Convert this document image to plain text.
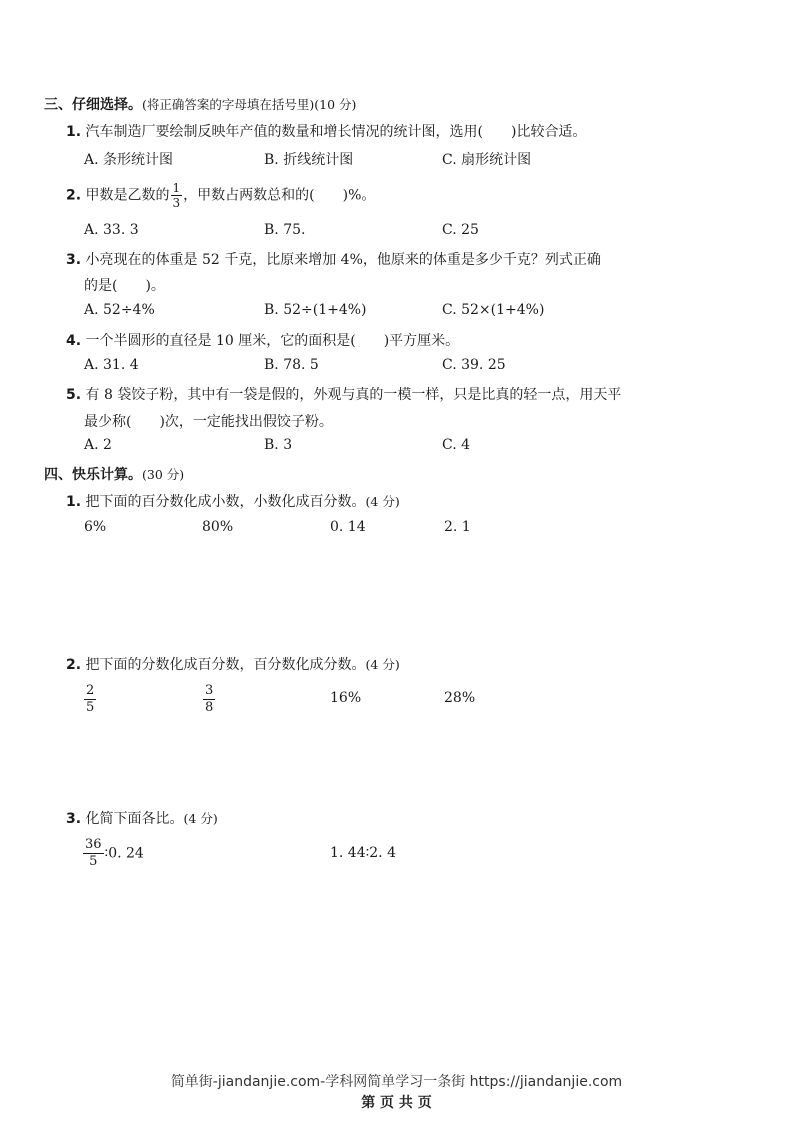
三、仔细选择。(将正确答案的字母填在括号里)(10 分)
1. 汽车制造厂要绘制反映年产值的数量和增长情况的统计图，选用(　　)比较合适。
A. 条形统计图	B. 折线统计图	C. 扇形统计图
2. 甲数是乙数的 $\frac{1}{3}$ ，甲数占两数总和的(　　)%。
A. 33. 3	B. 75.	C. 25
3. 小亮现在的体重是 52 千克，比原来增加 4%，他原来的体重是多少千克？列式正确
的是(　　)。
A. 52÷4%	B. 52÷(1+4%)	C. 52×(1+4%)
4. 一个半圆形的直径是 10 厘米，它的面积是(　　)平方厘米。
A. 31. 4	B. 78. 5	C. 39. 25
5. 有 8 袋饺子粉，其中有一袋是假的，外观与真的一模一样，只是比真的轻一点，用天平
最少称(　　)次，一定能找出假饺子粉。
A. 2	B. 3	C. 4
四、快乐计算。(30 分)
1. 把下面的百分数化成小数，小数化成百分数。(4 分)
6%	80%	0. 14	2. 1
2. 把下面的分数化成百分数，百分数化成分数。(4 分)
$\frac{2}{5}$	$\frac{3}{8}$	16%	28%
3. 化简下面各比。(4 分)
$\frac{36}{5}$ ∶0. 24	1. 44∶2. 4
简单街-jiandanjie.com-学科网简单学习一条街 https://jiandanjie.com
第 页 共 页
